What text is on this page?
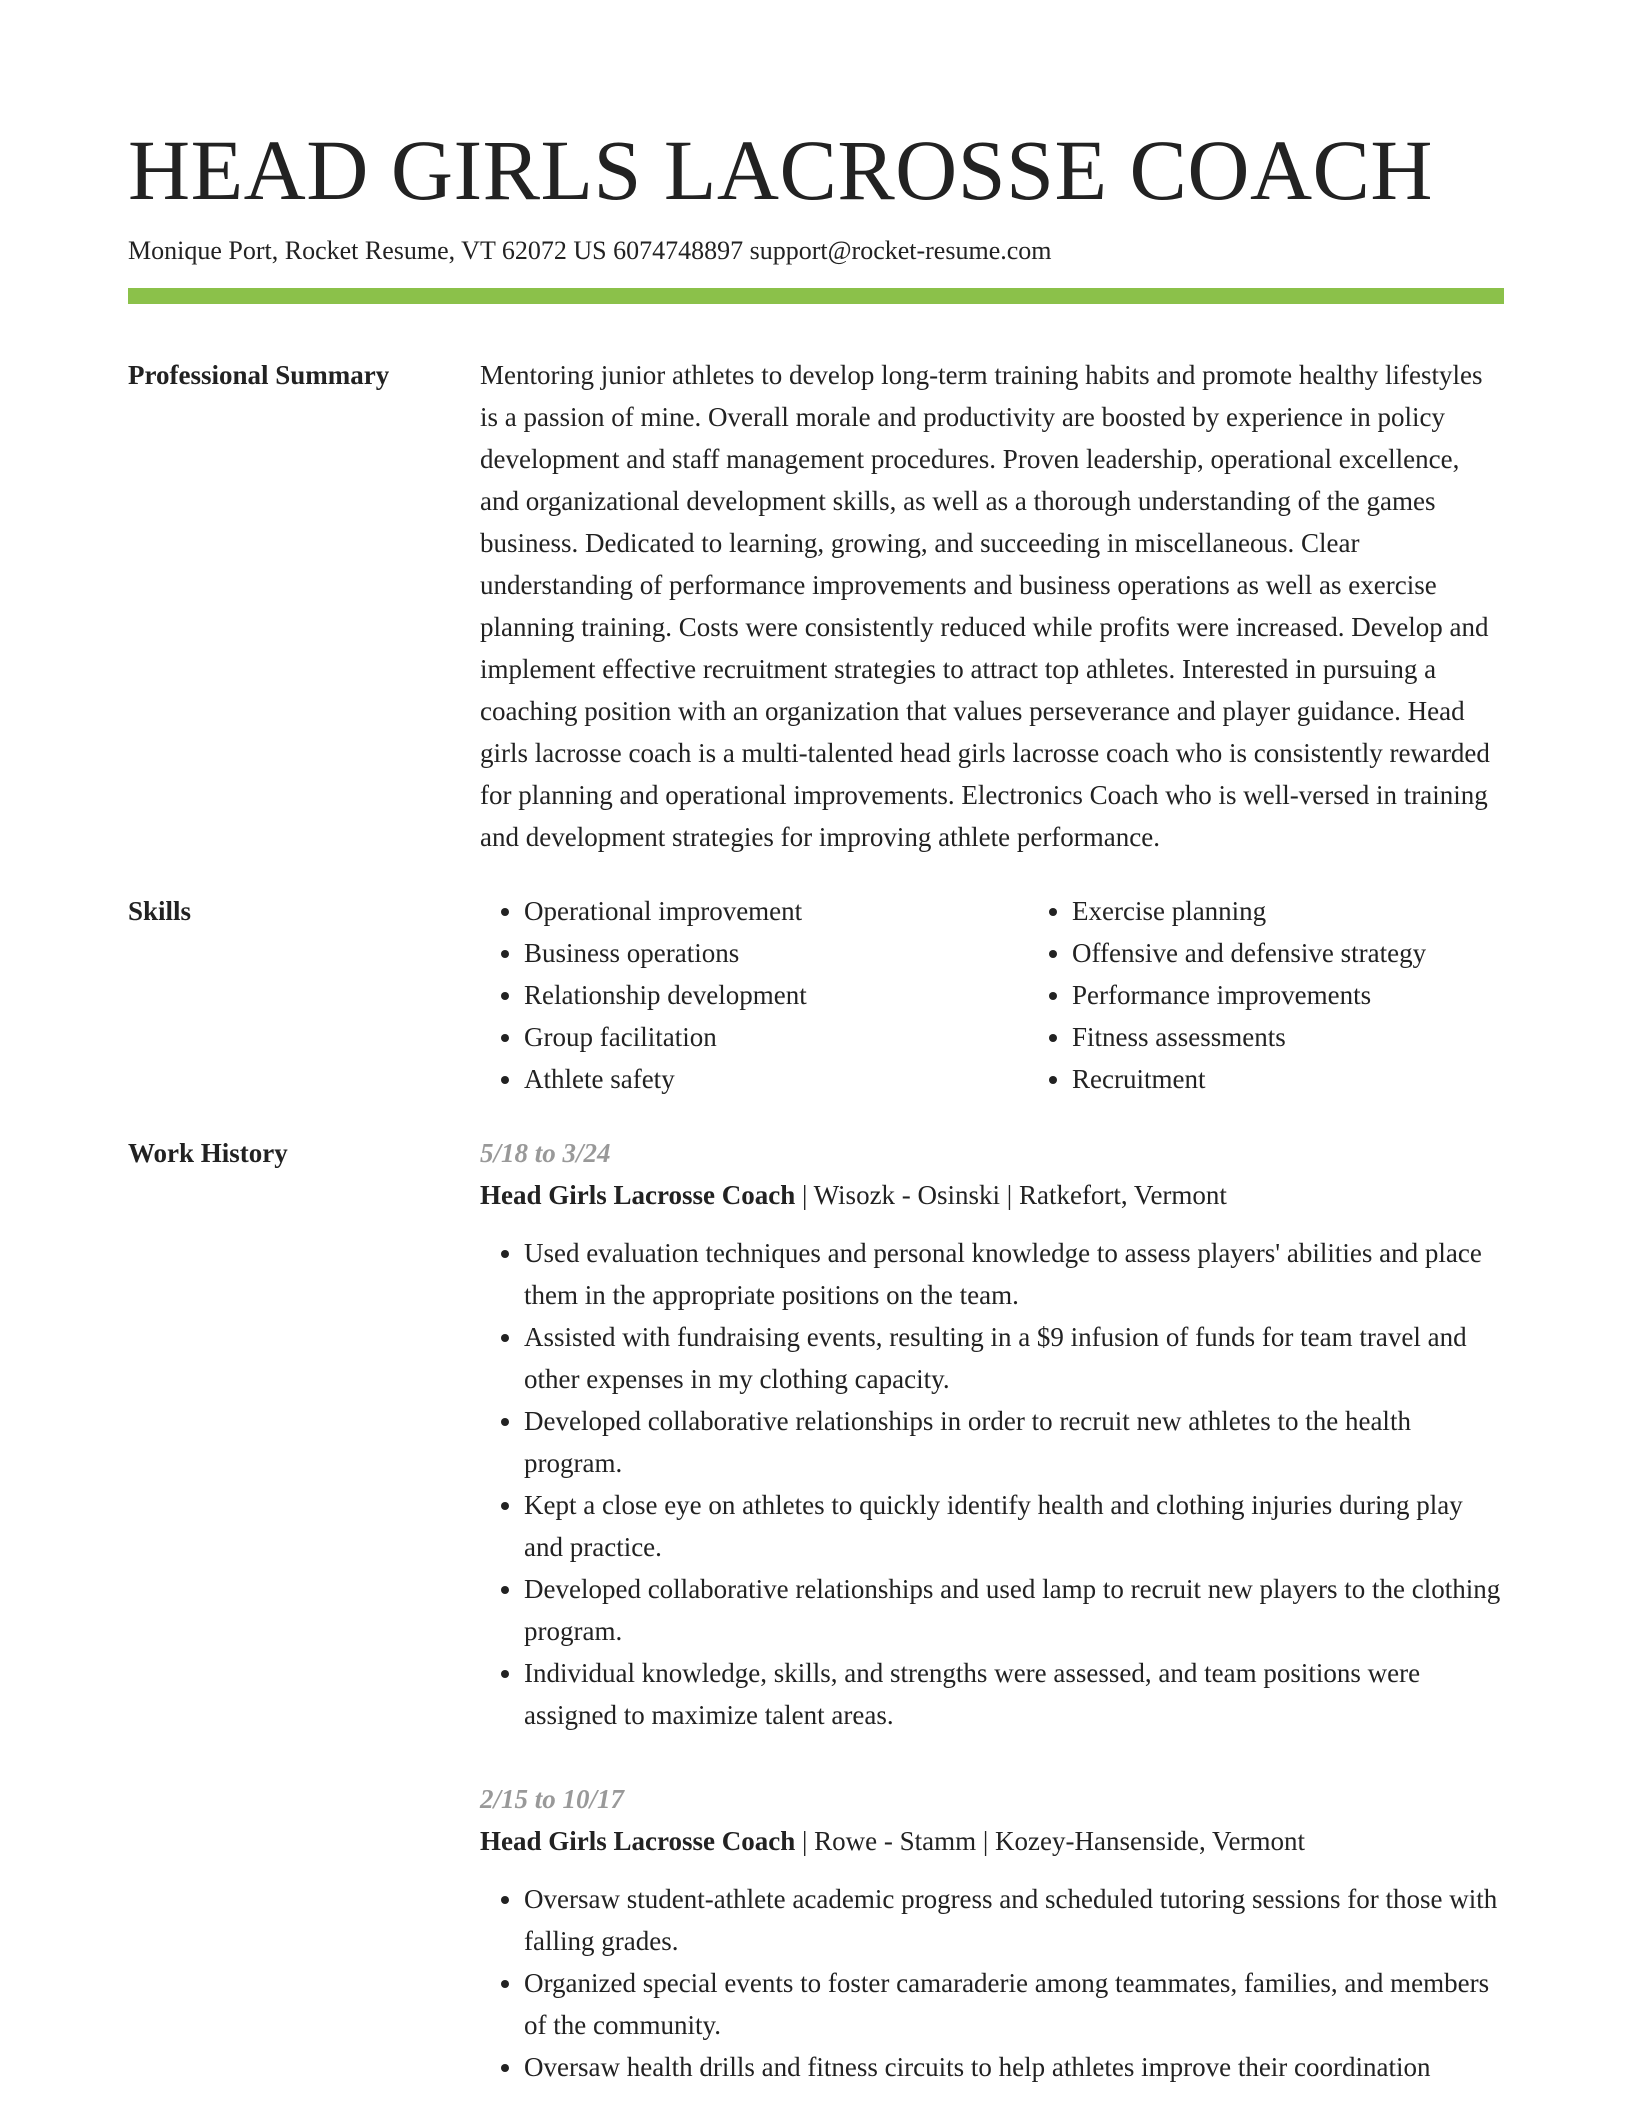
HEAD GIRLS LACROSSE COACH
Monique Port, Rocket Resume, VT 62072 US 6074748897 support@rocket-resume.com
Professional Summary	Mentoring junior athletes to develop long-term training habits and promote healthy lifestyles is a passion of mine. Overall morale and productivity are boosted by experience in policy development and staff management procedures. Proven leadership, operational excellence, and organizational development skills, as well as a thorough understanding of the games business. Dedicated to learning, growing, and succeeding in miscellaneous. Clear understanding of performance improvements and business operations as well as exercise planning training. Costs were consistently reduced while profits were increased. Develop and implement effective recruitment strategies to attract top athletes. Interested in pursuing a coaching position with an organization that values perseverance and player guidance. Head girls lacrosse coach is a multi-talented head girls lacrosse coach who is consistently rewarded for planning and operational improvements. Electronics Coach who is well-versed in training and development strategies for improving athlete performance.

Skills
•	Operational improvement
• Business operations
• Relationship development
• Group facilitation
• Athlete safety
• Exercise planning
• Offensive and defensive strategy
• Performance improvements
• Fitness assessments
• Recruitment
Work History	5/18 to 3/24
Head Girls Lacrosse Coach | Wisozk - Osinski | Ratkefort, Vermont
• Used evaluation techniques and personal knowledge to assess players' abilities and place them in the appropriate positions on the team.
• Assisted with fundraising events, resulting in a $9 infusion of funds for team travel and other expenses in my clothing capacity.
• Developed collaborative relationships in order to recruit new athletes to the health program.
• Kept a close eye on athletes to quickly identify health and clothing injuries during play and practice.
• Developed collaborative relationships and used lamp to recruit new players to the clothing program.
• Individual knowledge, skills, and strengths were assessed, and team positions were assigned to maximize talent areas.
2/15 to 10/17
Head Girls Lacrosse Coach | Rowe - Stamm | Kozey-Hansenside, Vermont
• Oversaw student-athlete academic progress and scheduled tutoring sessions for those with falling grades.
• Organized special events to foster camaraderie among teammates, families, and members of the community.
• Oversaw health drills and fitness circuits to help athletes improve their coordination
